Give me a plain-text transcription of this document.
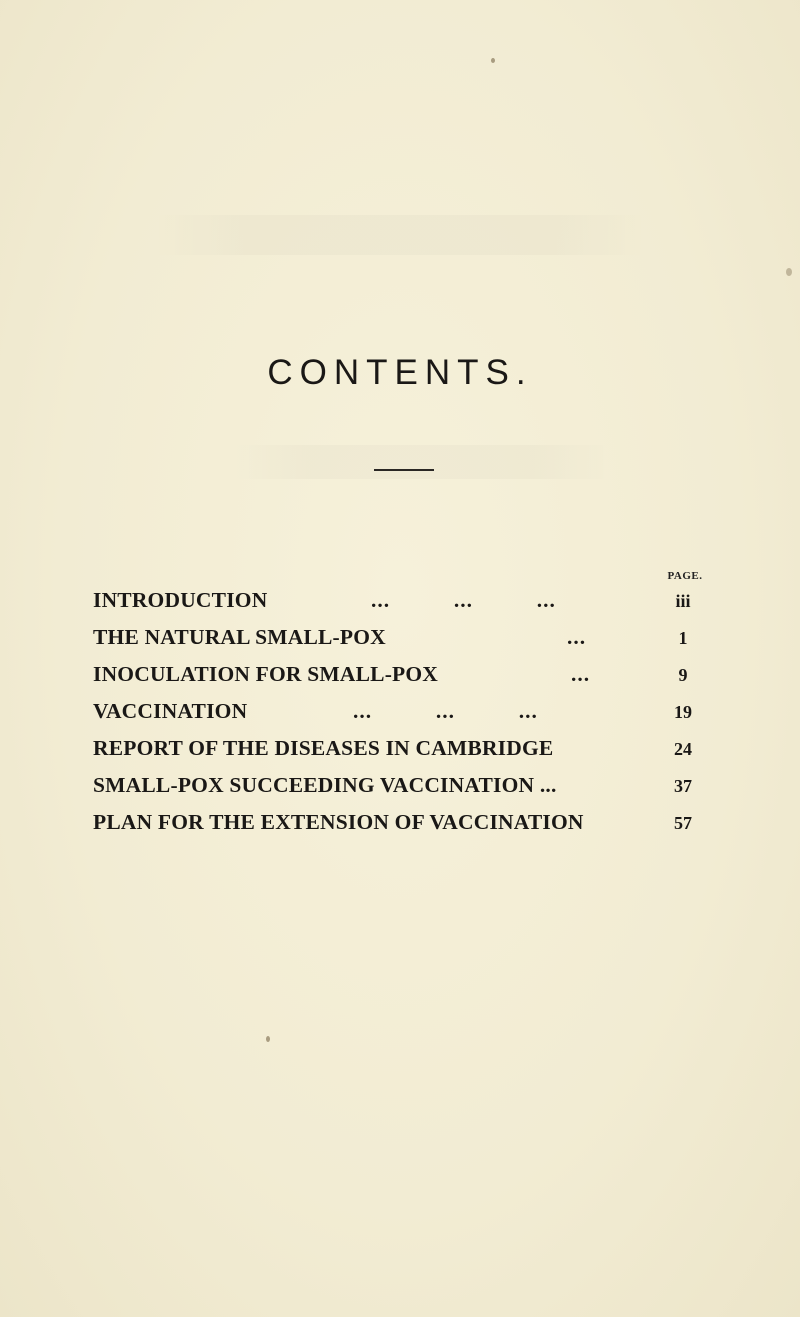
CONTENTS.
PAGE.
INTRODUCTION	...          ...          ...	iii
THE NATURAL SMALL-POX	...	1
INOCULATION FOR SMALL-POX	...	9
VACCINATION	...          ...          ...	19
REPORT OF THE DISEASES IN CAMBRIDGE	24
SMALL-POX SUCCEEDING VACCINATION ...	37
PLAN FOR THE EXTENSION OF VACCINATION	57
